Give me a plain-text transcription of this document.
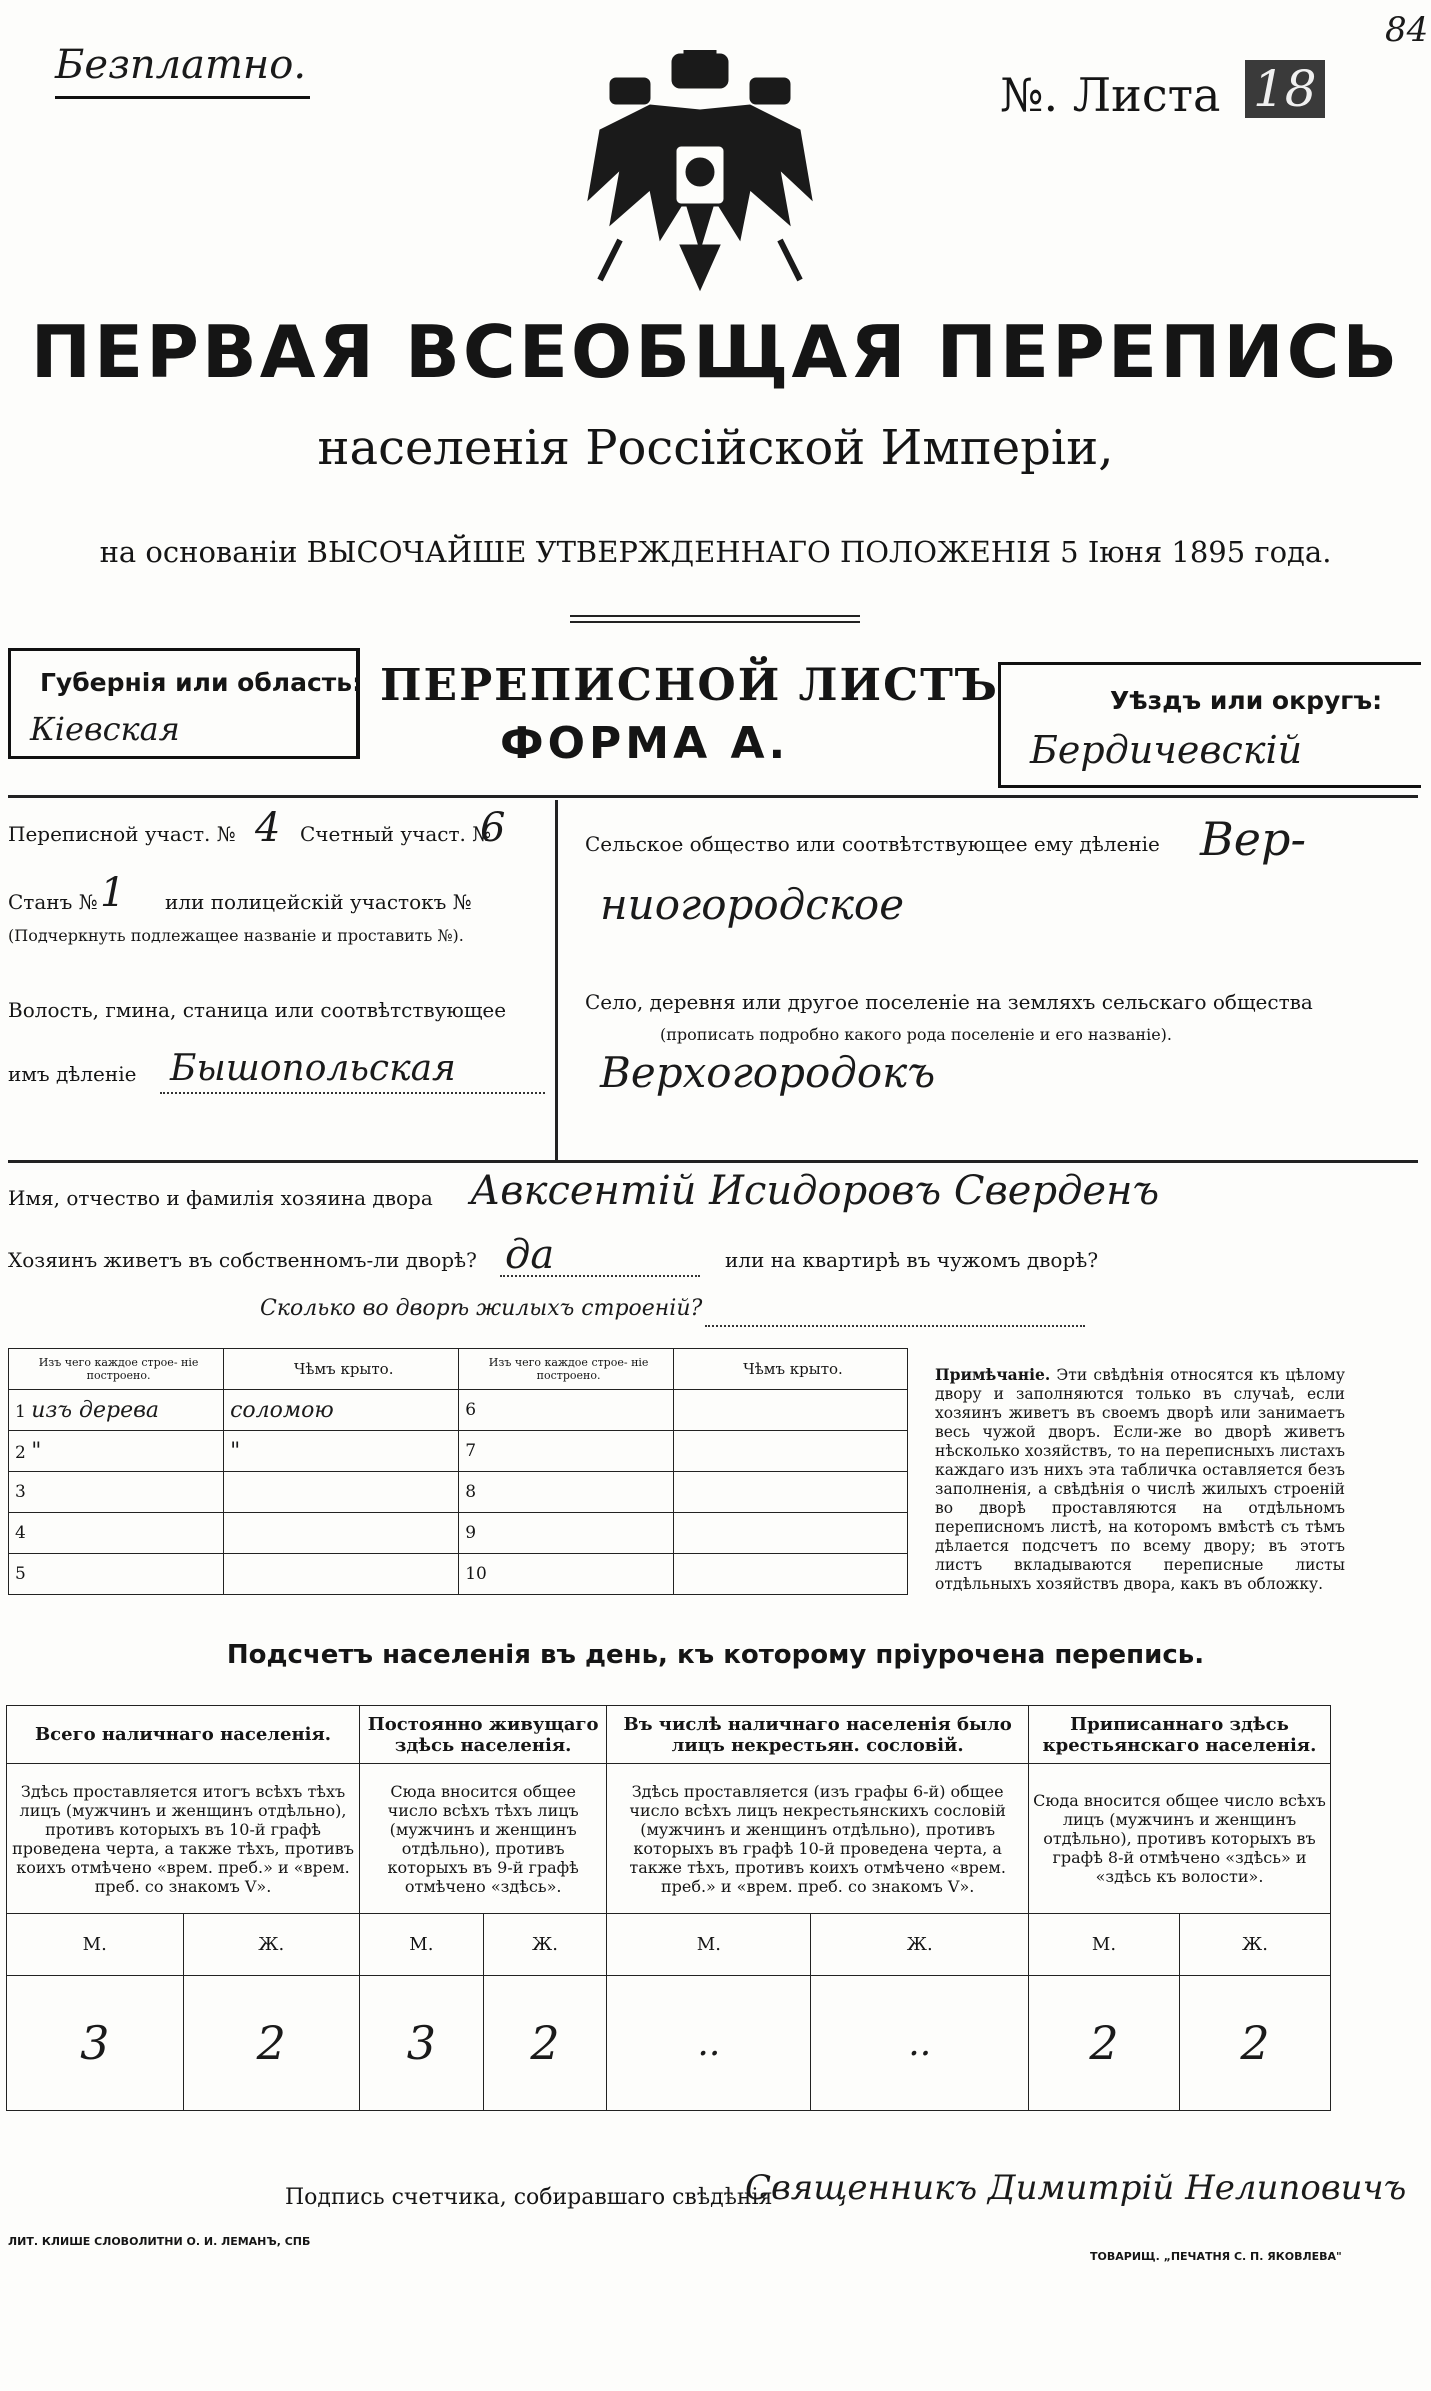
Безплатно.
№. Листа 18
84
ПЕРВАЯ ВСЕОБЩАЯ ПЕРЕПИСЬ
населенiя Россiйской Имперiи,
на основанiи ВЫСОЧАЙШЕ УТВЕРЖДЕННАГО ПОЛОЖЕНIЯ 5 Iюня 1895 года.
Губернiя или область:
Кiевская
ПЕРЕПИСНОЙ ЛИСТЪ
ФОРМА А.
Уѣздъ или округъ:
Бердичевскiй
Переписной участ. № 4 Счетный участ. №
6
Станъ № 1 или полицейскiй участокъ №
(Подчеркнуть подлежащее названiе и проставить №).
Волость, гмина, станица или соотвѣтствующее
имъ дѣленiе Бышопольская
Сельское общество или соотвѣтствующее ему дѣленiе Вер-
ниогородское
Село, деревня или другое поселенiе на земляхъ сельскаго общества
(прописать подробно какого рода поселенiе и его названiе).
Верхогородокъ
Имя, отчество и фамилiя хозяина двора Авксентiй Исидоровъ Сверденъ
Хозяинъ живетъ въ собственномъ-ли дворѣ? да	или на квартирѣ въ чужомъ дворѣ?
Сколько во дворѣ жилыхъ строенiй?
Изъ чего каждое строе- нiе построено.	Чѣмъ крыто.	Изъ чего каждое строе- нiе построено.	Чѣмъ крыто.
1 изъ дерева	соломою	6	
2 "	"	7	
3		8	
4		9	
5		10	
Примѣчанiе. Эти свѣдѣнiя относятся къ цѣлому двору и заполняются только въ случаѣ, если хозяинъ живетъ въ своемъ дворѣ или занимаетъ весь чужой дворъ. Если-же во дворѣ живетъ нѣсколько хозяйствъ, то на переписныхъ листахъ каждаго изъ нихъ эта табличка оставляется безъ заполненiя, а свѣдѣнiя о числѣ жилыхъ строенiй во дворѣ проставляются на отдѣльномъ переписномъ листѣ, на которомъ вмѣстѣ съ тѣмъ дѣлается подсчетъ по всему двору; въ этотъ листъ вкладываются переписные листы отдѣльныхъ хозяйствъ двора, какъ въ обложку.
Подсчетъ населенiя въ день, къ которому прiурочена перепись.
Всего наличнаго населенiя.		Постоянно живущаго здѣсь населенiя.		Въ числѣ наличнаго населенiя было лицъ некрестьян. сословiй.		Приписаннаго здѣсь крестьянскаго населенiя.	
Здѣсь проставляется итогъ всѣхъ тѣхъ лицъ (мужчинъ и женщинъ отдѣльно), противъ которыхъ въ 10-й графѣ проведена черта, а также тѣхъ, противъ коихъ отмѣчено «врем. преб.» и «врем. преб. со знакомъ V».		Сюда вносится общее число всѣхъ тѣхъ лицъ (мужчинъ и женщинъ отдѣльно), противъ которыхъ въ 9-й графѣ отмѣчено «здѣсь».		Здѣсь проставляется (изъ графы 6-й) общее число всѣхъ лицъ некрестьянскихъ сословiй (мужчинъ и женщинъ отдѣльно), противъ которыхъ въ графѣ 10-й проведена черта, а также тѣхъ, противъ коихъ отмѣчено «врем. преб.» и «врем. преб. со знакомъ V».		Сюда вносится общее число всѣхъ лицъ (мужчинъ и женщинъ отдѣльно), противъ которыхъ въ графѣ 8-й отмѣчено «здѣсь» и «здѣсь къ волости».	
М.	Ж.	М.	Ж.	М.	Ж.	М.	Ж.
3	2	3	2	..	..	2	2
Подпись счетчика, собиравшаго свѣдѣнiя
Священникъ Димитрiй Нелиповичъ
ЛИТ. КЛИШЕ СЛОВОЛИТНИ О. И. ЛЕМАНЪ, СПБ
ТОВАРИЩ. „ПЕЧАТНЯ С. П. ЯКОВЛЕВА"
